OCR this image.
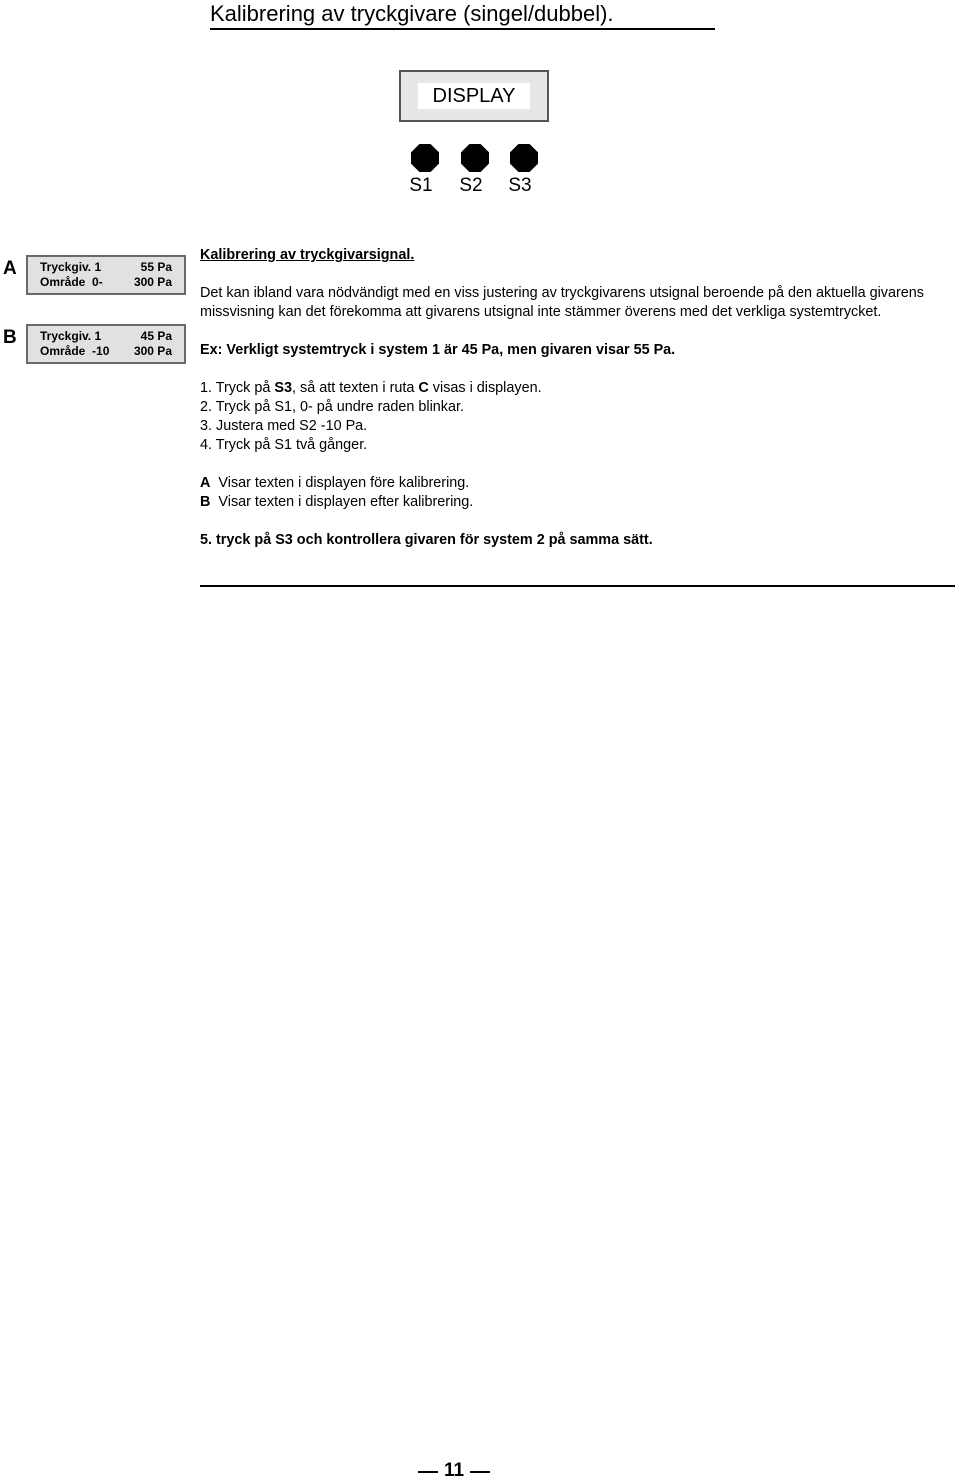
Kalibrering av tryckgivare (singel/dubbel).
DISPLAY
S1	S2	S3
A	Tryckgiv. 1	55 Pa
Område  0-	300 Pa
B	Tryckgiv. 1	45 Pa
Område  -10 300 Pa

Kalibrering av tryckgivarsignal.

Det kan ibland vara nödvändigt med en viss justering av tryckgivarens utsignal beroende på den aktuella givarens missvisning kan det förekomma att givarens utsignal inte stämmer överens med det verkliga systemtrycket.

Ex: Verkligt systemtryck i system 1 är 45 Pa, men givaren visar 55 Pa.

1. Tryck på S3, så att texten i ruta C visas i displayen.

2. Tryck på S1, 0- på undre raden blinkar.

3. Justera med S2 -10 Pa.

4. Tryck på S1 två gånger.

A  Visar texten i displayen före kalibrering.

B  Visar texten i displayen efter kalibrering.

5. tryck på S3 och kontrollera givaren för system 2 på samma sätt.

11
